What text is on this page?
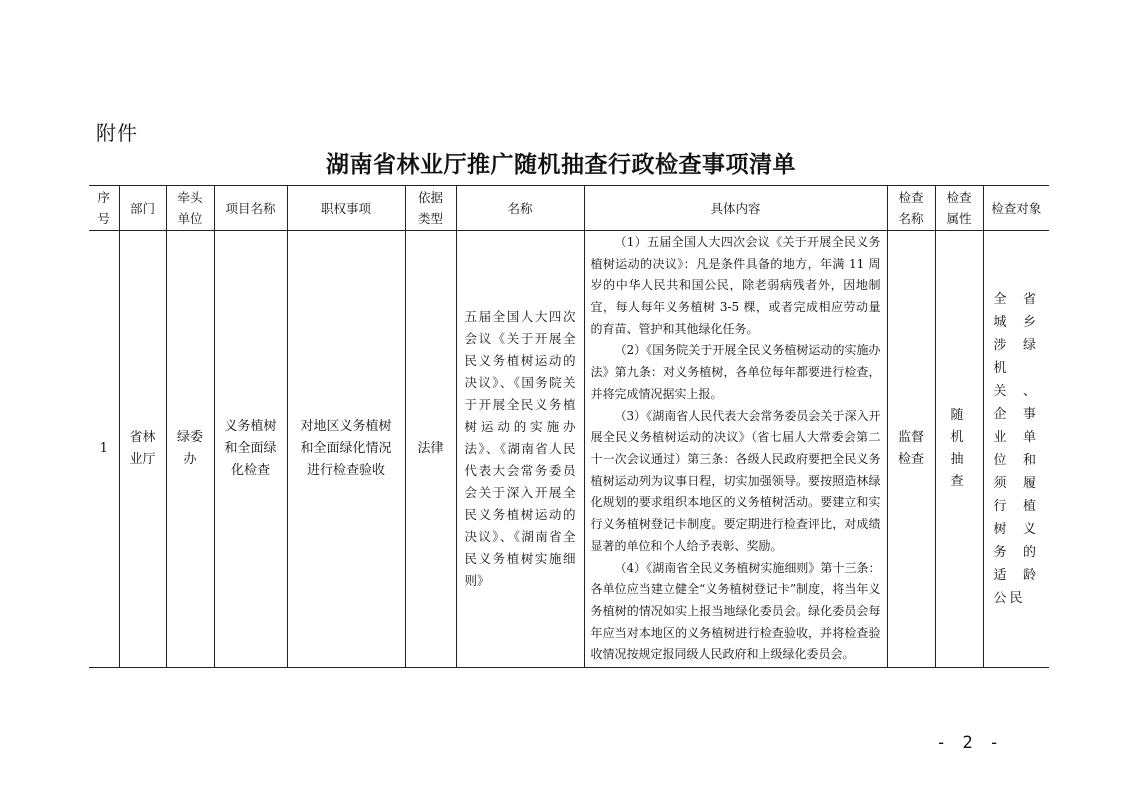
附件
湖南省林业厅推广随机抽查行政检查事项清单
序号	部门	牵头单位	项目名称	职权事项	依据类型	名称	具体内容	检查名称	检查属性	检查对象

1	省林业厅	绿委办	义务植树和全面绿化检查	对地区义务植树和全面绿化情况进行检查验收	法律	五届全国人大四次会议《关于开展全民义务植树运动的决议》、《国务院关于开展全民义务植树运动的实施办法》、《湖南省人民代表大会常务委员会关于深入开展全民义务植树运动的决议》、《湖南省全民义务植树实施细则》	（1）五届全国人大四次会议《关于开展全民义务植树运动的决议》：凡是条件具备的地方，年满 11 周岁的中华人民共和国公民，除老弱病残者外，因地制宜，每人每年义务植树 3-5 棵，或者完成相应劳动量的育苗、管护和其他绿化任务。

（2）《国务院关于开展全民义务植树运动的实施办法》第九条：对义务植树，各单位每年都要进行检查，并将完成情况据实上报。

（3）《湖南省人民代表大会常务委员会关于深入开展全民义务植树运动的决议》（省七届人大常委会第二十一次会议通过）第三条：各级人民政府要把全民义务植树运动列为议事日程，切实加强领导。要按照造林绿化规划的要求组织本地区的义务植树活动。要建立和实行义务植树登记卡制度。要定期进行检查评比，对成绩显著的单位和个人给予表彰、奖励。

（4）《湖南省全民义务植树实施细则》第十三条：各单位应当建立健全“义务植树登记卡”制度，将当年义务植树的情况如实上报当地绿化委员会。绿化委员会每年应当对本地区的义务植树进行检查验收，并将检查验收情况按规定报同级人民政府和上级绿化委员会。	监督检查	随机抽查	全省城乡涉绿机关、企事业单位和须履行植树义务的适龄公民
- 2 -
